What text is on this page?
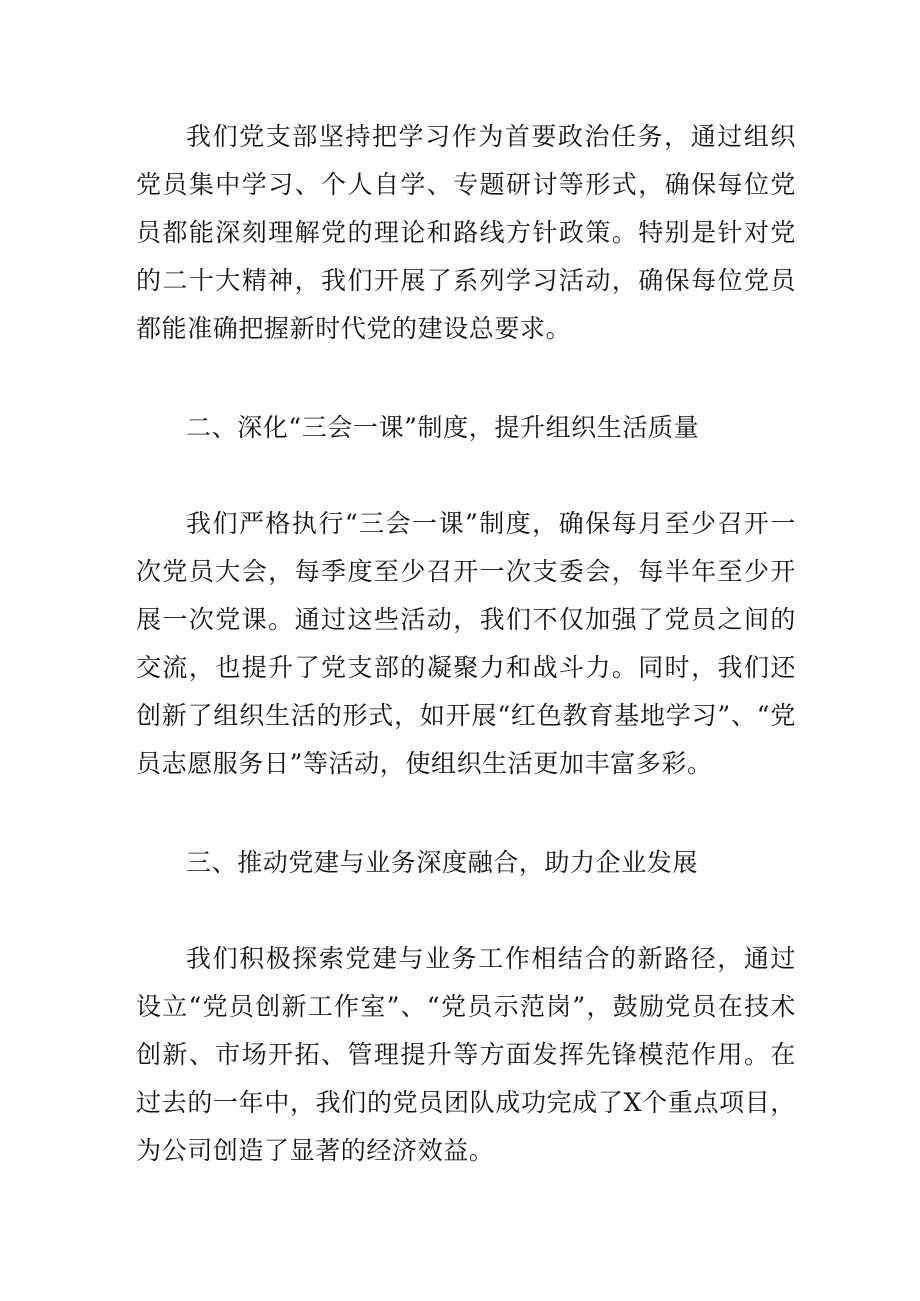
我们党支部坚持把学习作为首要政治任务，通过组织党员集中学习、个人自学、专题研讨等形式，确保每位党员都能深刻理解党的理论和路线方针政策。特别是针对党的二十大精神，我们开展了系列学习活动，确保每位党员都能准确把握新时代党的建设总要求。

二、深化“三会一课”制度，提升组织生活质量

我们严格执行“三会一课”制度，确保每月至少召开一次党员大会，每季度至少召开一次支委会，每半年至少开展一次党课。通过这些活动，我们不仅加强了党员之间的交流，也提升了党支部的凝聚力和战斗力。同时，我们还创新了组织生活的形式，如开展“红色教育基地学习”、“党员志愿服务日”等活动，使组织生活更加丰富多彩。

三、推动党建与业务深度融合，助力企业发展

我们积极探索党建与业务工作相结合的新路径，通过设立“党员创新工作室”、“党员示范岗”，鼓励党员在技术创新、市场开拓、管理提升等方面发挥先锋模范作用。在过去的一年中，我们的党员团队成功完成了X个重点项目，为公司创造了显著的经济效益。
